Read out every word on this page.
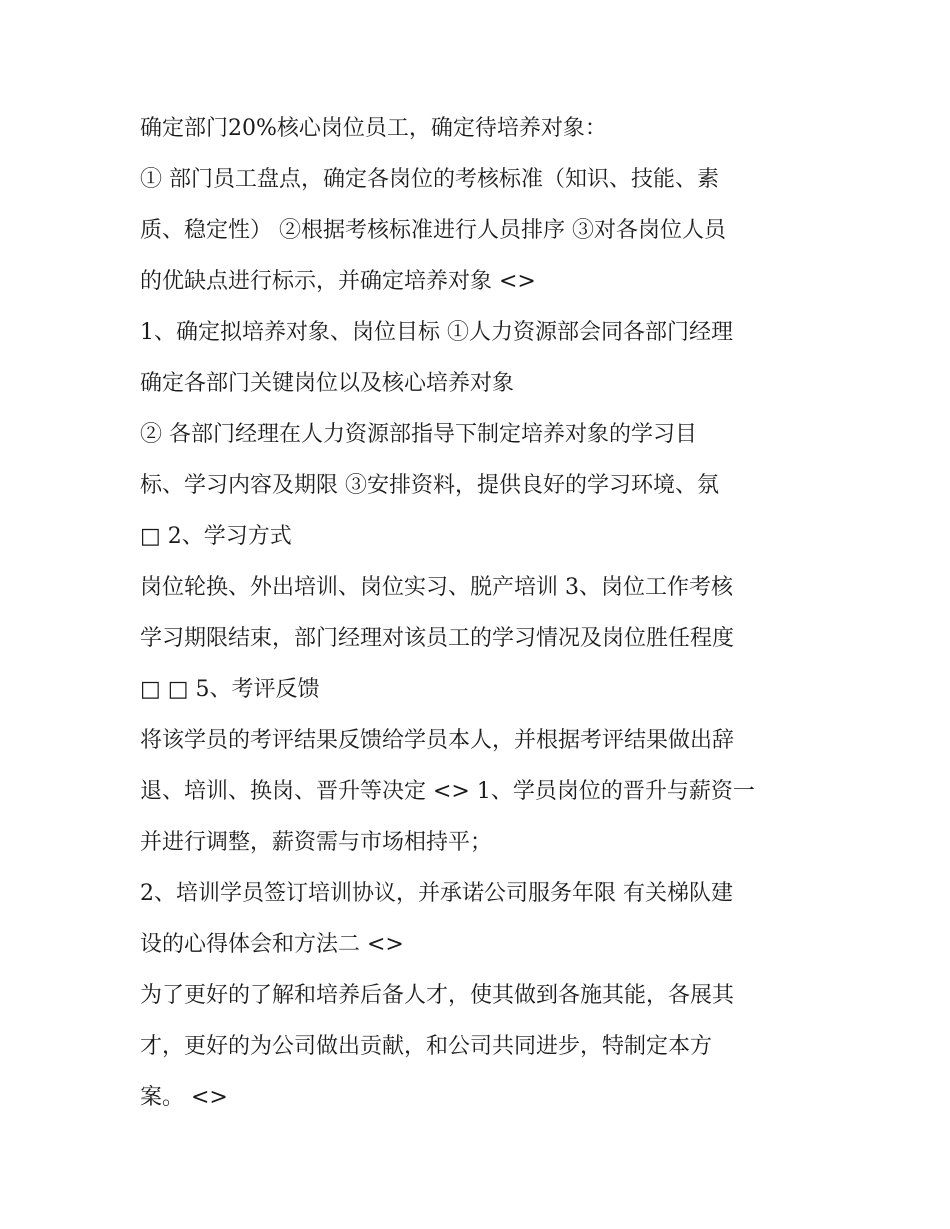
确定部门20%核心岗位员工，确定待培养对象：
① 部门员工盘点，确定各岗位的考核标准（知识、技能、素
质、稳定性） ②根据考核标准进行人员排序 ③对各岗位人员
的优缺点进行标示，并确定培养对象 <>
1、确定拟培养对象、岗位目标 ①人力资源部会同各部门经理
确定各部门关键岗位以及核心培养对象
② 各部门经理在人力资源部指导下制定培养对象的学习目
标、学习内容及期限 ③安排资料，提供良好的学习环境、氛
□ 2、学习方式
岗位轮换、外出培训、岗位实习、脱产培训 3、岗位工作考核
学习期限结束，部门经理对该员工的学习情况及岗位胜任程度
□ □ 5、考评反馈
将该学员的考评结果反馈给学员本人，并根据考评结果做出辞
退、培训、换岗、晋升等决定 <> 1、学员岗位的晋升与薪资一
并进行调整，薪资需与市场相持平；
2、培训学员签订培训协议，并承诺公司服务年限 有关梯队建
设的心得体会和方法二 <>
为了更好的了解和培养后备人才，使其做到各施其能，各展其
才，更好的为公司做出贡献，和公司共同进步，特制定本方
案。 <>
